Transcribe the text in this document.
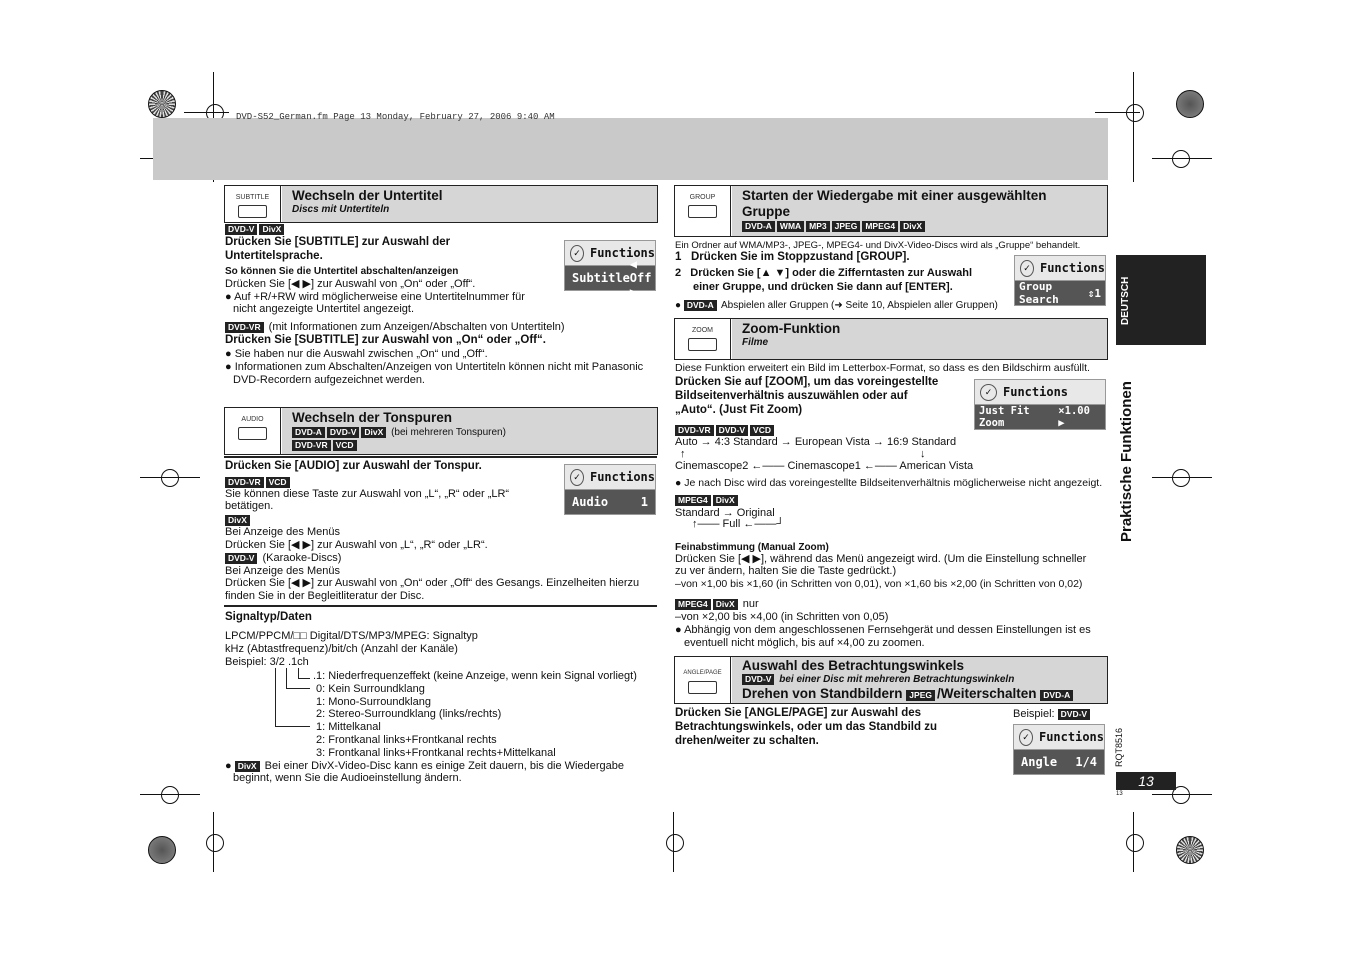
DVD-S52_German.fm Page 13 Monday, February 27, 2006 9:40 AM
DEUTSCH
Praktische Funktionen
RQT8516
13
13
SUBTITLE	Wechseln der Untertitel
Discs mit Untertiteln
DVD-V DivX
Drücken Sie [SUBTITLE] zur Auswahl der
Untertitelsprache.
So können Sie die Untertitel abschalten/anzeigen
Drücken Sie [◀ ▶] zur Auswahl von „On“ oder „Off“.
● Auf +R/+RW wird möglicherweise eine Untertitelnummer für
nicht angezeigte Untertitel angezeigt.
DVD-VR (mit Informationen zum Anzeigen/Abschalten von Untertiteln)
Drücken Sie [SUBTITLE] zur Auswahl von „On“ oder „Off“.
● Sie haben nur die Auswahl zwischen „On“ und „Off“.
● Informationen zum Abschalten/Anzeigen von Untertiteln können nicht mit Panasonic
DVD-Recordern aufgezeichnet werden.
✓ Functions
Subtitle
◀ Off ▶
AUDIO	Wechseln der Tonspuren
DVD-A DVD-V DivX (bei mehreren Tonspuren)
DVD-VR VCD
Drücken Sie [AUDIO] zur Auswahl der Tonspur.
DVD-VR VCD
Sie können diese Taste zur Auswahl von „L“, „R“ oder „LR“
betätigen.
DivX
Bei Anzeige des Menüs
Drücken Sie [◀ ▶] zur Auswahl von „L“, „R“ oder „LR“.
DVD-V (Karaoke-Discs)
Bei Anzeige des Menüs
Drücken Sie [◀ ▶] zur Auswahl von „On“ oder „Off“ des Gesangs. Einzelheiten hierzu
finden Sie in der Begleitliteratur der Disc.
✓ Functions
Audio	1
Signaltyp/Daten
LPCM/PPCM/□□ Digital/DTS/MP3/MPEG: Signaltyp
kHz (Abtastfrequenz)/bit/ch (Anzahl der Kanäle)
Beispiel: 3/2 .1ch
.1: Niederfrequenzeffekt (keine Anzeige, wenn kein Signal vorliegt)
0: Kein Surroundklang
1: Mono-Surroundklang
2: Stereo-Surroundklang (links/rechts)
1: Mittelkanal
2: Frontkanal links+Frontkanal rechts
3: Frontkanal links+Frontkanal rechts+Mittelkanal
● DivX Bei einer DivX-Video-Disc kann es einige Zeit dauern, bis die Wiedergabe
beginnt, wenn Sie die Audioeinstellung ändern.
GROUP	Starten der Wiedergabe mit einer ausgewählten
Gruppe
DVD-A WMA MP3 JPEG MPEG4 DivX
Ein Ordner auf WMA/MP3-, JPEG-, MPEG4- und DivX-Video-Discs wird als „Gruppe“ behandelt.
1 Drücken Sie im Stoppzustand [GROUP].
2 Drücken Sie [▲ ▼] oder die Zifferntasten zur Auswahl
einer Gruppe, und drücken Sie dann auf [ENTER].
● DVD-A Abspielen aller Gruppen (➜ Seite 10, Abspielen aller Gruppen)
✓ Functions
Group Search	⇕1
ZOOM	Zoom-Funktion
Filme
Diese Funktion erweitert ein Bild im Letterbox-Format, so dass es den Bildschirm ausfüllt.
Drücken Sie auf [ZOOM], um das voreingestellte
Bildseitenverhältnis auszuwählen oder auf
„Auto“. (Just Fit Zoom)
✓ Functions
Just Fit Zoom
×1.00 ▶
DVD-VR DVD-V VCD
Auto → 4:3 Standard → European Vista → 16:9 Standard
↑	↓
Cinemascope2 ←—— Cinemascope1 ←—— American Vista
● Je nach Disc wird das voreingestellte Bildseitenverhältnis möglicherweise nicht angezeigt.
MPEG4 DivX
Standard → Original
↑—— Full ←——┘
Feinabstimmung (Manual Zoom)
Drücken Sie [◀ ▶], während das Menü angezeigt wird. (Um die Einstellung schneller
zu ver ändern, halten Sie die Taste gedrückt.)
–von ×1,00 bis ×1,60 (in Schritten von 0,01), von ×1,60 bis ×2,00 (in Schritten von 0,02)
MPEG4 DivX nur
–von ×2,00 bis ×4,00 (in Schritten von 0,05)
● Abhängig von dem angeschlossenen Fernsehgerät und dessen Einstellungen ist es
eventuell nicht möglich, bis auf ×4,00 zu zoomen.
ANGLE/PAGE	Auswahl des Betrachtungswinkels
DVD-V bei einer Disc mit mehreren Betrachtungswinkeln
Drehen von Standbildern JPEG /Weiterschalten DVD-A
Drücken Sie [ANGLE/PAGE] zur Auswahl des
Betrachtungswinkels, oder um das Standbild zu
drehen/weiter zu schalten.
Beispiel: DVD-V
✓ Functions
Angle 1/4
